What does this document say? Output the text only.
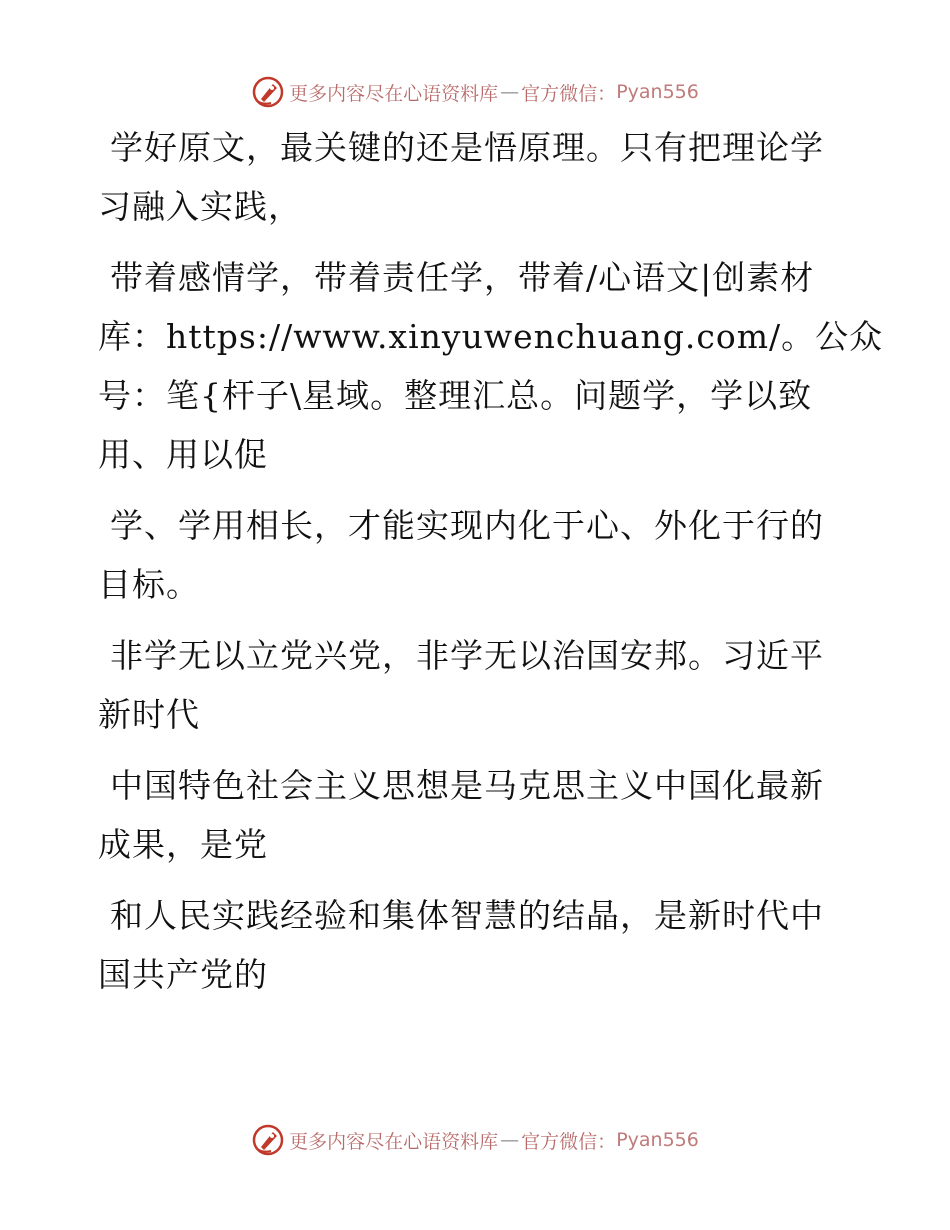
更多内容尽在心语资料库 — 官方微信： Pyan556

学好原文，最关键的还是悟原理。只有把理论学
习融入实践，

带着感情学，带着责任学，带着/心语文|创素材
库：https://www.xinyuwenchuang.com/。公众
号：笔{杆子\星域。整理汇总。问题学，学以致
用、用以促

学、学用相长，才能实现内化于心、外化于行的
目标。

非学无以立党兴党，非学无以治国安邦。习近平
新时代

中国特色社会主义思想是马克思主义中国化最新
成果，是党

和人民实践经验和集体智慧的结晶，是新时代中
国共产党的

更多内容尽在心语资料库 — 官方微信： Pyan556
